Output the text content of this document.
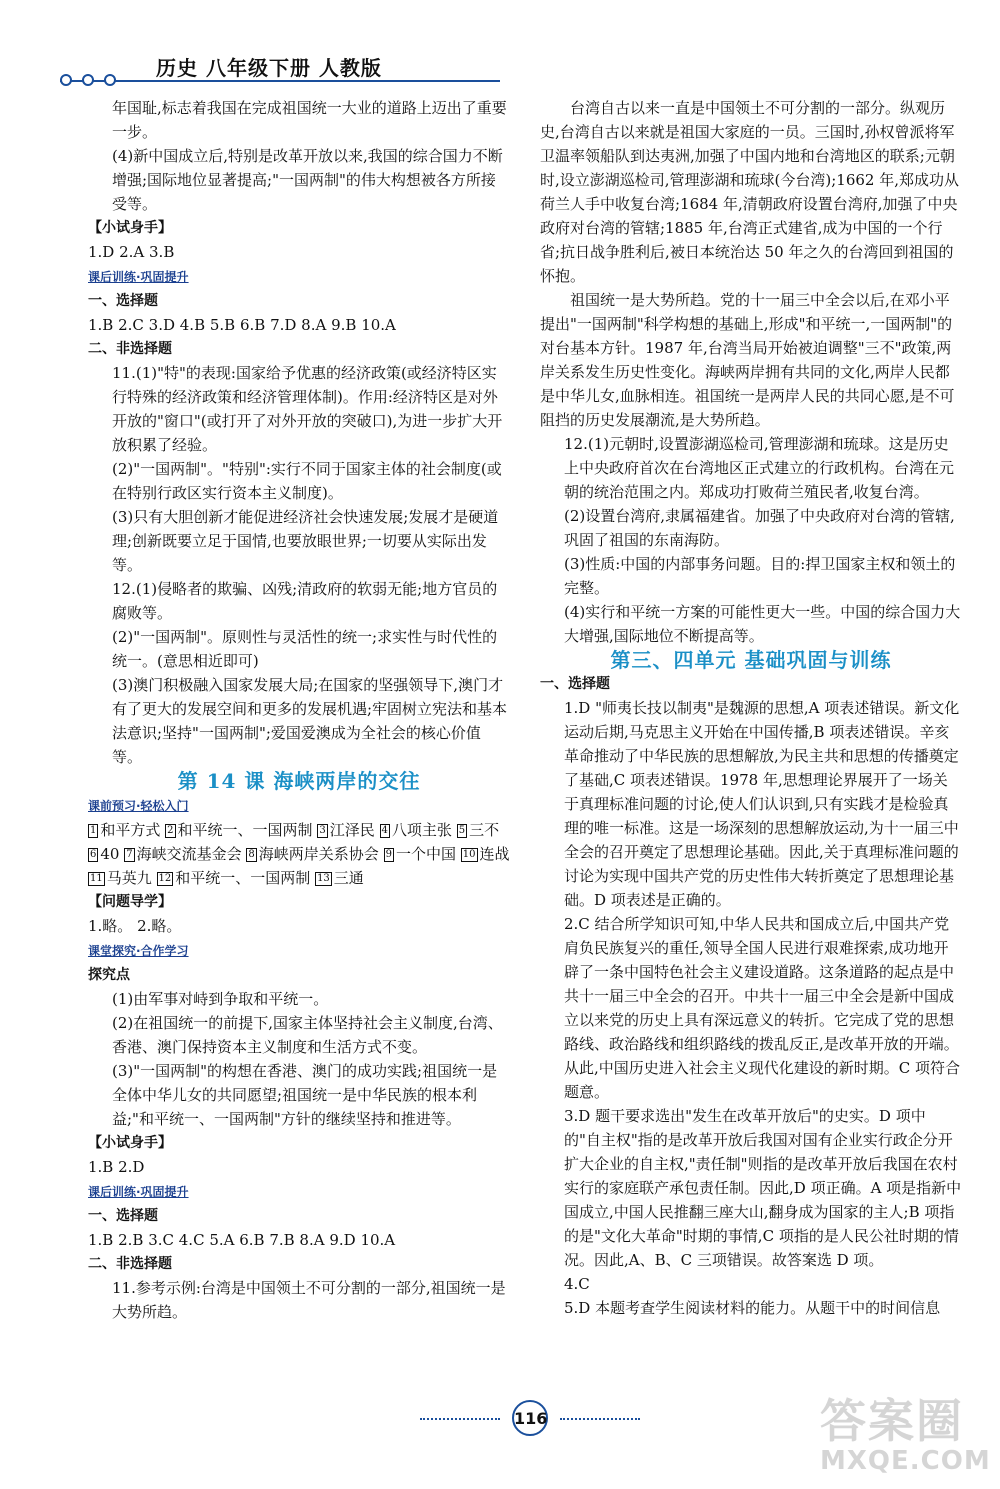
历史 八年级下册 人教版

年国耻,标志着我国在完成祖国统一大业的道路上迈出了重要一步。

(4)新中国成立后,特别是改革开放以来,我国的综合国力不断增强;国际地位显著提高;"一国两制"的伟大构想被各方所接受等。

【小试身手】

1.D 2.A 3.B

课后训练·巩固提升

一、选择题

1.B 2.C 3.D 4.B 5.B 6.B 7.D 8.A 9.B 10.A

二、非选择题

11.(1)"特"的表现:国家给予优惠的经济政策(或经济特区实行特殊的经济政策和经济管理体制)。作用:经济特区是对外开放的"窗口"(或打开了对外开放的突破口),为进一步扩大开放积累了经验。

(2)"一国两制"。"特别":实行不同于国家主体的社会制度(或在特别行政区实行资本主义制度)。

(3)只有大胆创新才能促进经济社会快速发展;发展才是硬道理;创新既要立足于国情,也要放眼世界;一切要从实际出发等。

12.(1)侵略者的欺骗、凶残;清政府的软弱无能;地方官员的腐败等。

(2)"一国两制"。原则性与灵活性的统一;求实性与时代性的统一。(意思相近即可)

(3)澳门积极融入国家发展大局;在国家的坚强领导下,澳门才有了更大的发展空间和更多的发展机遇;牢固树立宪法和基本法意识;坚持"一国两制";爱国爱澳成为全社会的核心价值等。

第 14 课 海峡两岸的交往

课前预习·轻松入门

1 和平方式 2 和平统一、一国两制 3 江泽民 4 八项主张 5 三不 6 40 7 海峡交流基金会 8 海峡两岸关系协会 9 一个中国 10 连战 11 马英九 12 和平统一、一国两制 13 三通

【问题导学】

1.略。 2.略。

课堂探究·合作学习

探究点

(1)由军事对峙到争取和平统一。

(2)在祖国统一的前提下,国家主体坚持社会主义制度,台湾、香港、澳门保持资本主义制度和生活方式不变。

(3)"一国两制"的构想在香港、澳门的成功实践;祖国统一是全体中华儿女的共同愿望;祖国统一是中华民族的根本利益;"和平统一、一国两制"方针的继续坚持和推进等。

【小试身手】

1.B 2.D

课后训练·巩固提升

一、选择题

1.B 2.B 3.C 4.C 5.A 6.B 7.B 8.A 9.D 10.A

二、非选择题

11.参考示例:台湾是中国领土不可分割的一部分,祖国统一是大势所趋。

台湾自古以来一直是中国领土不可分割的一部分。纵观历史,台湾自古以来就是祖国大家庭的一员。三国时,孙权曾派将军卫温率领船队到达夷洲,加强了中国内地和台湾地区的联系;元朝时,设立澎湖巡检司,管理澎湖和琉球(今台湾);1662 年,郑成功从荷兰人手中收复台湾;1684 年,清朝政府设置台湾府,加强了中央政府对台湾的管辖;1885 年,台湾正式建省,成为中国的一个行省;抗日战争胜利后,被日本统治达 50 年之久的台湾回到祖国的怀抱。

祖国统一是大势所趋。党的十一届三中全会以后,在邓小平提出"一国两制"科学构想的基础上,形成"和平统一,一国两制"的对台基本方针。1987 年,台湾当局开始被迫调整"三不"政策,两岸关系发生历史性变化。海峡两岸拥有共同的文化,两岸人民都是中华儿女,血脉相连。祖国统一是两岸人民的共同心愿,是不可阻挡的历史发展潮流,是大势所趋。

12.(1)元朝时,设置澎湖巡检司,管理澎湖和琉球。这是历史上中央政府首次在台湾地区正式建立的行政机构。台湾在元朝的统治范围之内。郑成功打败荷兰殖民者,收复台湾。

(2)设置台湾府,隶属福建省。加强了中央政府对台湾的管辖,巩固了祖国的东南海防。

(3)性质:中国的内部事务问题。目的:捍卫国家主权和领土的完整。

(4)实行和平统一方案的可能性更大一些。中国的综合国力大大增强,国际地位不断提高等。

第三、四单元 基础巩固与训练

一、选择题

1.D "师夷长技以制夷"是魏源的思想,A 项表述错误。新文化运动后期,马克思主义开始在中国传播,B 项表述错误。辛亥革命推动了中华民族的思想解放,为民主共和思想的传播奠定了基础,C 项表述错误。1978 年,思想理论界展开了一场关于真理标准问题的讨论,使人们认识到,只有实践才是检验真理的唯一标准。这是一场深刻的思想解放运动,为十一届三中全会的召开奠定了思想理论基础。因此,关于真理标准问题的讨论为实现中国共产党的历史性伟大转折奠定了思想理论基础。D 项表述是正确的。

2.C 结合所学知识可知,中华人民共和国成立后,中国共产党肩负民族复兴的重任,领导全国人民进行艰难探索,成功地开辟了一条中国特色社会主义建设道路。这条道路的起点是中共十一届三中全会的召开。中共十一届三中全会是新中国成立以来党的历史上具有深远意义的转折。它完成了党的思想路线、政治路线和组织路线的拨乱反正,是改革开放的开端。从此,中国历史进入社会主义现代化建设的新时期。C 项符合题意。

3.D 题干要求选出"发生在改革开放后"的史实。D 项中的"自主权"指的是改革开放后我国对国有企业实行政企分开扩大企业的自主权,"责任制"则指的是改革开放后我国在农村实行的家庭联产承包责任制。因此,D 项正确。A 项是指新中国成立,中国人民推翻三座大山,翻身成为国家的主人;B 项指的是"文化大革命"时期的事情,C 项指的是人民公社时期的情况。因此,A、B、C 三项错误。故答案选 D 项。

4.C

5.D 本题考查学生阅读材料的能力。从题干中的时间信息

116	答案圈
MXQE.COM
